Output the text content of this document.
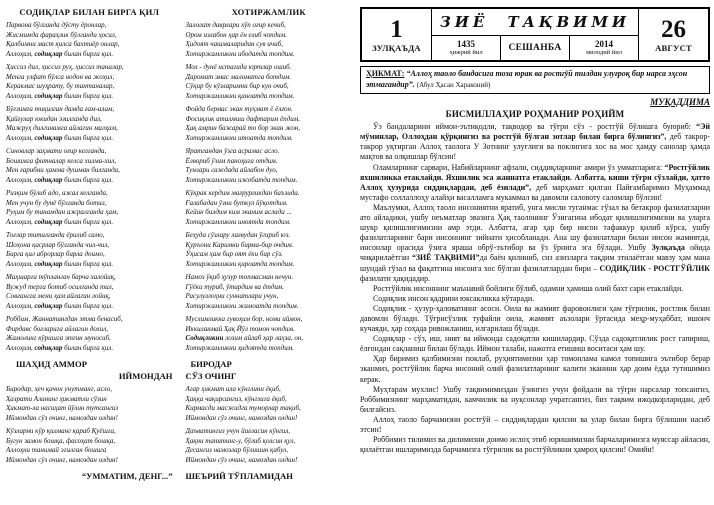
СОДИҚЛАР БИЛАН БИРГА ҚИЛ
Парвона бўлганда дўсту ёронлар,
Жисмимда фараҳлик бўлганда ҳосил,
Қалбимни маст қилса бахтиёр онлар,
Аллоҳим, содиқлар билан бирга қил.
Ҳиссиз дил, ҳиссиз руҳ, ҳиссиз таналар,
Менга улфат бўлса нодон ва жоҳил,
Керакмас шуҳрату, бу тантаналар,
Аллоҳим, содиқлар билан бирга қил.
Бўғзимга тиқилган дамда ғам-алам,
Қайғулар юкидан эзилганда дил,
Мажруҳ дилгинамга айлагин малҳам,
Аллоҳим, содиқлар билан бирга қил.
Синовлар заҳмати оғир келганда,
Бошимга фитналар келса хилма-хил,
Мен ғарибни ҳамма душман билганда,
Аллоҳим, содиқлар билан бирга қил.
Ризқим бўлиб адо, ажал келганда,
Мен учун бу дунё бўлганда ботил,
Руҳим бу танамдан ажралганда ҳам,
Аллоҳим, содиқлар билан бирга қил.
Тоғлар титилганда ёрилиб само,
Шоҳона қасрлар бўлганда чил-чил,
Бирга қил аброрлар бирла доимо,
Аллоҳим, содиқлар билан бирга қил.
Маҳшарга тўплангач барча халойиқ,
Вужуд терга ботиб осилганда тил,
Совғангга мени ҳам айлагин лойиқ,
Аллоҳим, содиқлар билан бирга қил.
Роббим, Жаннатингдан этма бенасиб,
Фирдавс боғларига айлагин дохил,
Жамолинг кўришга этгин муносиб,
Аллоҳим, содиқлар билан бирга қил.
ХОТИРЖАМЛИК
Залолат даврлари хўп оғир кечиб,
Ором излабон ҳар ён елиб чопдим.
Ҳидоят чашмаларидан сув ичиб,
Хотиржамликни ибодатда топдим.
Мол - дунё истагида юртлар ошиб.
Даромат эмас маломатга ботдим.
Сўқир бу кўзларимни бир кун очиб,
Хотиржамликни қаноатда топдим.
Фойда бермас экан туҳмат ё ёлғон.
Фосиқлик аталмиш дафтарим ёпдим.
Ҳақ амрин бажарай то бор экан жон,
Хотиржамликни итоатда топдим.
Яратгандан ўзга асрамас асло.
Ёлвориб ўзим паноҳига отдим.
Тунлари саждада айлабон дуо,
Хотиржамликни ижобатда топдим.
Кўкрак кердим мағрурликдан баъзида.
Ғалабадан ўзни буткул йўқотдим.
Кейин билдим ким эканим аслида ...
Хотиржамликни иноятда топдим.
Беҳуда сўзлару лағвудан ўгириб юз.
Қуръони Каримни бирма-бир очдим.
Ўқисам ҳам бир оят ёки бир сўз.
Хотиржамликни қироатда топдим.
Намоз ўқиб ҳузур топмасман нечун.
Гўёки туриб, ўтирдим ва ётдим.
Расулуллоҳни суннатлари учун,
Хотиржамликни жамоатда топдим.
Муслимликка гувоҳим бор, номи иймон,
Иккиланмай Ҳақ Йўл томон чопдим.
Содиқликни лозим айлаб ҳар лаҳза, он,
Хотиржамликни ҳидоятда топдим.
ШАҲИД АММОР	БИРОДАР
ИЙМОНДАН СЎЗ ОЧИНГ
Биродар, ҳеч қачон унутманг, асло,
Ҳазрати Алининг ҳикматли сўзин
Ҳикмат-ла насиҳат йўлин тутсангиз
Иймондан сўз очинг, намоздан олдин!
Кўзларни кўр қилманг қараб Қуёшга,
Бугун замон бошқа, фасоҳат бошқа,
Аллоҳни танимай эгилган бошига
Иймондан сўз очинг, намоздан олдин!
Агар ҳикмат ила кўнглини ёқиб,
Ҳаққа чақирсангиз, кўнглига ёқиб,
Кирмасди масжидга туморлар тақиб,
Иймондан сўз очинг, намоздан олдин!
Даъватингиз учун йиғласин кўнгил,
Ҳақни танитинг-у, бўлиб қолсин қул,
Десангиз намозлар бўлишин қабул,
Иймондан сўз очинг, намоздан олдин!
“УММАТИМ, ДЕНГ...” ШЕЪРИЙ ТЎПЛАМИДАН
1
ЗУЛҚАЪДА
ЗИЁ ТАҚВИМИ
1435
ҳижрий йил	СЕШАНБА	2014
милодий йил
26
АВГУСТ
ҲИКМАТ: “Аллоҳ таоло бандасига тоза юрак ва ростгўй тилдан улуғроқ бир нарса эҳсон этмагандир”. (Абул Ҳасан Хараконий)
МУҚАДДИМА
БИСМИЛЛАҲИР РОҲМАНИР РОҲИЙМ

Ўз бандаларини иймон-эътиқодли, тақводор ва тўғри сўз - ростгўй бўлишга буюриб: “Эй мўминлар, Оллоҳдан қўрқингиз ва ростгўй бўлган зотлар билан бирга бўлингиз”, деб такрор-такрор уқтирган Аллоҳ таолога У Зотнинг улуғлиги ва поклигига хос ва мос ҳамду санолар ҳамда мақтов ва олқишлар бўлсин!

Оламларнинг сарвари, Набийларнинг афзали, сиддиқларнинг амири ўз умматларига: “Ростгўйлик яхшиликка етаклайди. Яхшилик эса жаннатга етаклайди. Албатта, киши тўғри сўзлайди, ҳатто Аллоҳ ҳузурида сиддиқлардан, деб ёзилади”, деб марҳамат қилган Пайғамбаримиз Муҳаммад мустафо соллаллоҳу алайҳи васалламга мукаммал ва давомли саловоту саломлар бўлсин!

Маълумки, Аллоҳ таоло инсониятни яратиб, унга мисли туганмас гўзал ва бетакрор фазилатларни ато айладики, ушбу неъматлар эвазига Ҳақ таолонинг Ўзигагина ибодат қилишлигимизни ва уларга шукр қилишлигимизни амр этди. Албатта, агар ҳар бир инсон тафаккур қилиб кўрса, ушбу фазилатларнинг бари инсоннинг зийнати ҳисобланади. Ана шу фазилатлари билан инсон жамиятда, инсонлар орасида ўзига яраша обрў-эътибор ва ўз ўрнига эга бўлади. Ушбу Зулқаъда ойида чиқарилаётган “ЗИЁ ТАҚВИМИ”да баён қилиниб, сиз азизларга тақдим этилаётган мавзу ҳам мана шундай гўзал ва фақатгина инсонга хос бўлган фазилатлардан бири – СОДИҚЛИК - РОСТГЎЙЛИК фазилати ҳақидадир.

Ростгўйлик инсоннинг маънавий бойлиги бўлиб, одамни ҳамиша олий бахт сари етаклайди.

Содиқлик инсон қадрини юксакликка кўтаради.

Содиқлик - ҳузур-ҳаловатнинг асоси. Оила ва жамият фаровонлиги ҳам тўғрилик, ростлик билан давомли бўлади. Тўғрисўзлик туфайли оила, жамият аъзолари ўртасида меҳр-муҳаббат, ишонч кучаяди, ҳар соҳада ривожланиш, илгарилаш бўлади.

Содиқлар - сўз, иш, ният ва иймонда садоқатли кишилардир. Сўзда садоқатлилик рост гапириш, ёлғондан сақланиш билан бўлади. Иймон талаби, нажотга етишиш воситаси ҳам шу.

Ҳар биримиз қалбимизни поклаб, руҳиятимизни ҳар томонлама камол топишига эътибор берар эканмиз, ростгўйлик барча инсоний олий фазилатларнинг калити эканини ҳар доим ёдда тутишимиз керак.

Муҳтарам мухлис! Ушбу тақвимимиздан ўзингиз учун фойдали ва тўғри нарсалар топсангиз, Роббимизнинг марҳаматидан, камчилик ва нуқсонлар учратсангиз, биз тақвим ижодкорларидан, деб билгайсиз.

Аллоҳ таоло барчамизни ростгўй – сиддиқлардан қилсин ва улар билан бирга бўлишни насиб этсин!

Роббимиз тилимиз ва дилимизни доимо ислоҳ этиб юришимизни барчаларимизга муяссар айласин, қилаётган ишларимизда барчамизга тўғрилик ва ростгўйликни ҳамроҳ қилсин! Омийн!
